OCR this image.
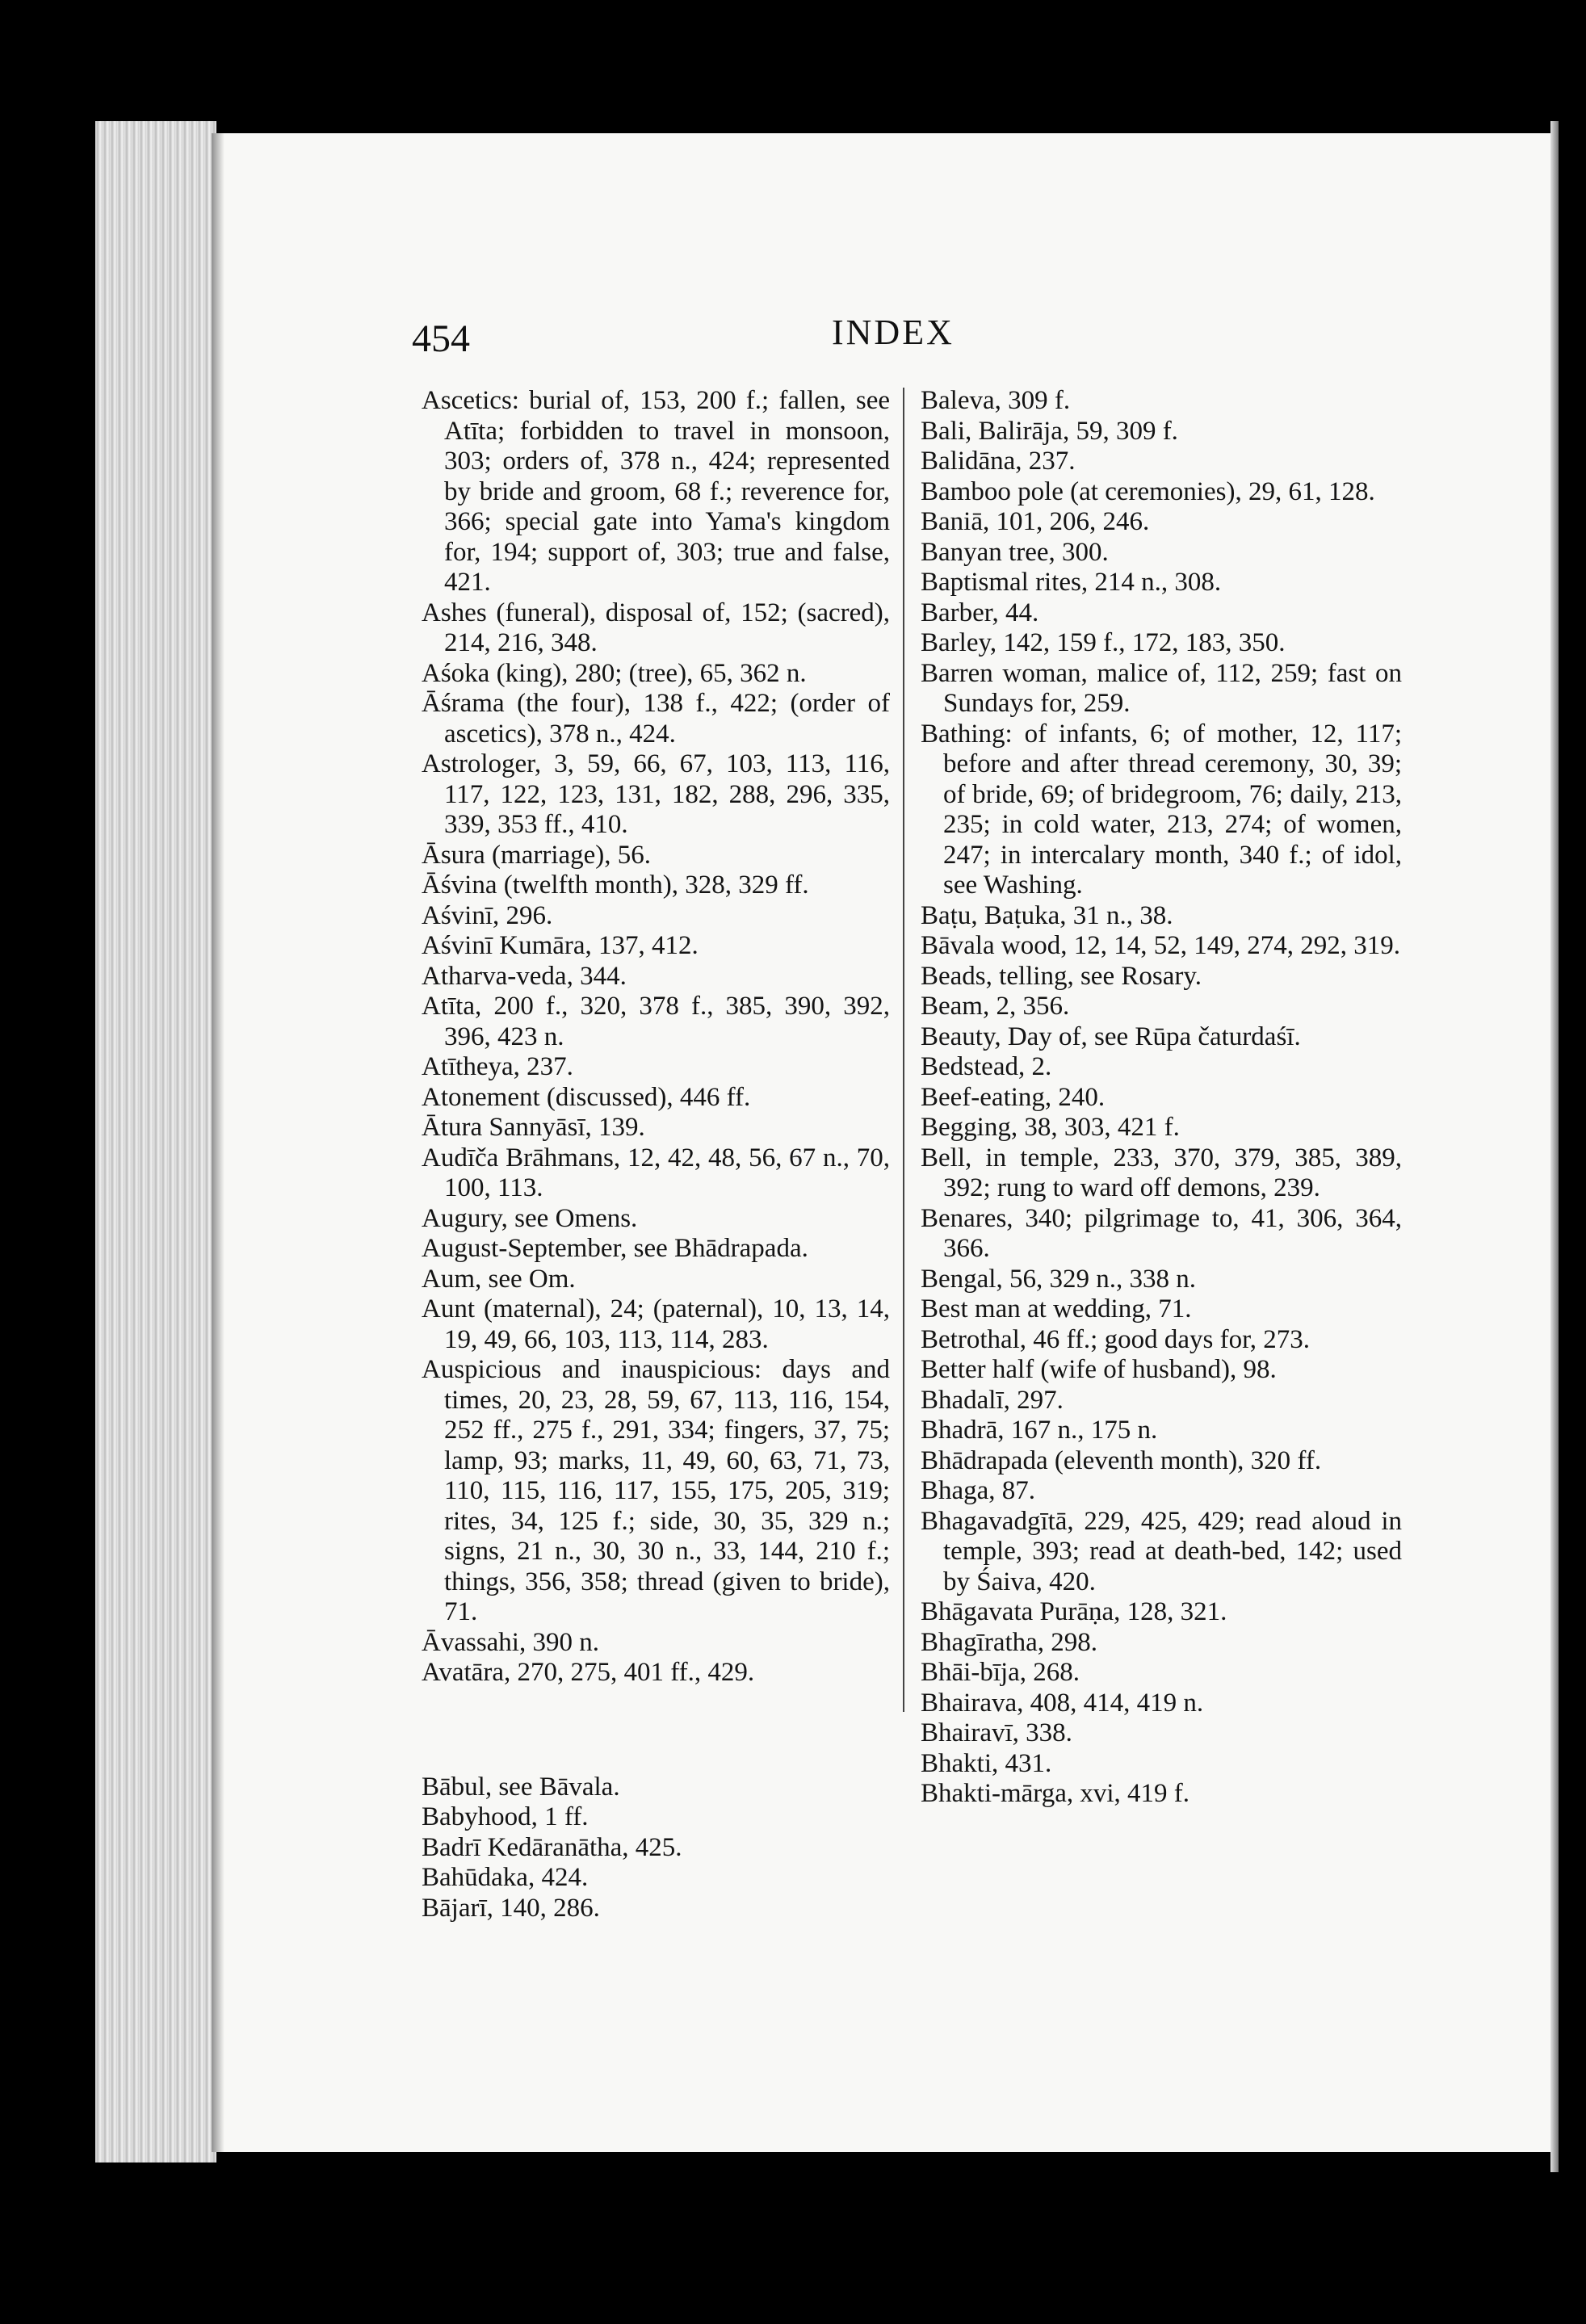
454	INDEX

Ascetics: burial of, 153, 200 f.; fallen, see Atīta; forbidden to travel in monsoon, 303; orders of, 378 n., 424; represented by bride and groom, 68 f.; reverence for, 366; special gate into Yama's kingdom for, 194; support of, 303; true and false, 421.

Ashes (funeral), disposal of, 152; (sacred), 214, 216, 348.

Aśoka (king), 280; (tree), 65, 362 n.

Āśrama (the four), 138 f., 422; (order of ascetics), 378 n., 424.

Astrologer, 3, 59, 66, 67, 103, 113, 116, 117, 122, 123, 131, 182, 288, 296, 335, 339, 353 ff., 410.

Āsura (marriage), 56.

Āśvina (twelfth month), 328, 329 ff.

Aśvinī, 296.

Aśvinī Kumāra, 137, 412.

Atharva-veda, 344.

Atīta, 200 f., 320, 378 f., 385, 390, 392, 396, 423 n.

Atītheya, 237.

Atonement (discussed), 446 ff.

Ātura Sannyāsī, 139.

Audīča Brāhmans, 12, 42, 48, 56, 67 n., 70, 100, 113.

Augury, see Omens.

August-September, see Bhādrapada.

Aum, see Om.

Aunt (maternal), 24; (paternal), 10, 13, 14, 19, 49, 66, 103, 113, 114, 283.

Auspicious and inauspicious: days and times, 20, 23, 28, 59, 67, 113, 116, 154, 252 ff., 275 f., 291, 334; fingers, 37, 75; lamp, 93; marks, 11, 49, 60, 63, 71, 73, 110, 115, 116, 117, 155, 175, 205, 319; rites, 34, 125 f.; side, 30, 35, 329 n.; signs, 21 n., 30, 30 n., 33, 144, 210 f.; things, 356, 358; thread (given to bride), 71.

Āvassahi, 390 n.

Avatāra, 270, 275, 401 ff., 429.

Bābul, see Bāvala.

Babyhood, 1 ff.

Badrī Kedāranātha, 425.

Bahūdaka, 424.

Bājarī, 140, 286.

Baleva, 309 f.

Bali, Balirāja, 59, 309 f.

Balidāna, 237.

Bamboo pole (at ceremonies), 29, 61, 128.

Baniā, 101, 206, 246.

Banyan tree, 300.

Baptismal rites, 214 n., 308.

Barber, 44.

Barley, 142, 159 f., 172, 183, 350.

Barren woman, malice of, 112, 259; fast on Sundays for, 259.

Bathing: of infants, 6; of mother, 12, 117; before and after thread ceremony, 30, 39; of bride, 69; of bridegroom, 76; daily, 213, 235; in cold water, 213, 274; of women, 247; in intercalary month, 340 f.; of idol, see Washing.

Baṭu, Baṭuka, 31 n., 38.

Bāvala wood, 12, 14, 52, 149, 274, 292, 319.

Beads, telling, see Rosary.

Beam, 2, 356.

Beauty, Day of, see Rūpa čaturdaśī.

Bedstead, 2.

Beef-eating, 240.

Begging, 38, 303, 421 f.

Bell, in temple, 233, 370, 379, 385, 389, 392; rung to ward off demons, 239.

Benares, 340; pilgrimage to, 41, 306, 364, 366.

Bengal, 56, 329 n., 338 n.

Best man at wedding, 71.

Betrothal, 46 ff.; good days for, 273.

Better half (wife of husband), 98.

Bhadalī, 297.

Bhadrā, 167 n., 175 n.

Bhādrapada (eleventh month), 320 ff.

Bhaga, 87.

Bhagavadgītā, 229, 425, 429; read aloud in temple, 393; read at death-bed, 142; used by Śaiva, 420.

Bhāgavata Purāṇa, 128, 321.

Bhagīratha, 298.

Bhāi-bīja, 268.

Bhairava, 408, 414, 419 n.

Bhairavī, 338.

Bhakti, 431.

Bhakti-mārga, xvi, 419 f.
